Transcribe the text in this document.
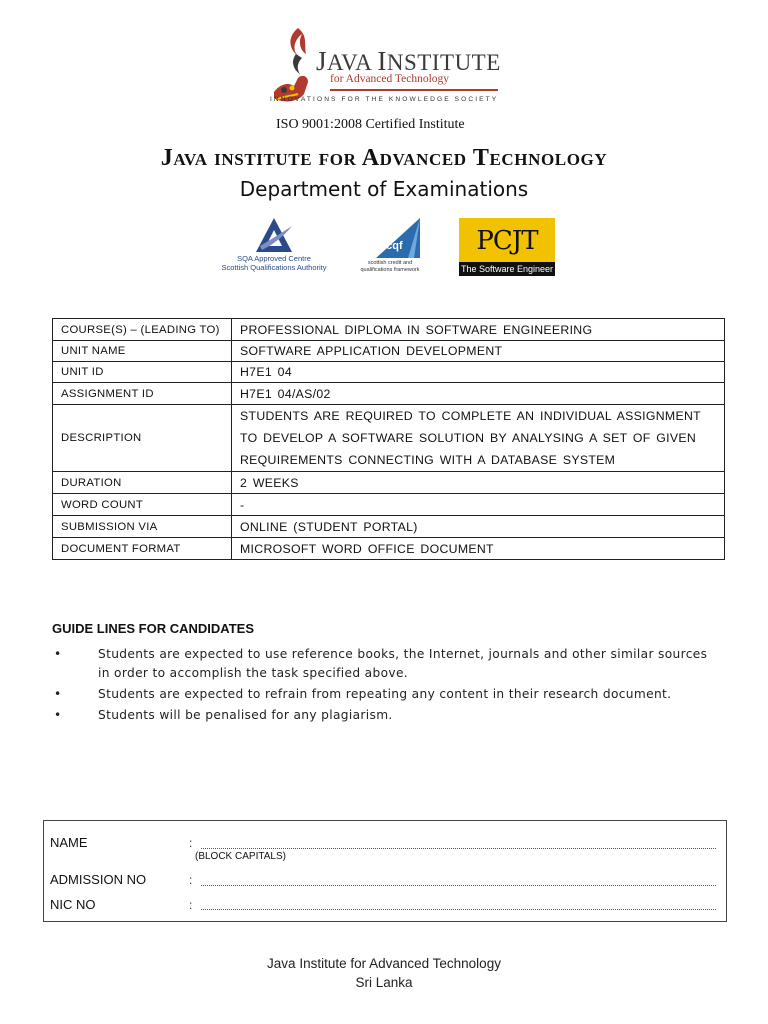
JAVA INSTITUTE
for Advanced Technology
INNOVATIONS FOR THE KNOWLEDGE SOCIETY
ISO 9001:2008 Certified Institute
Java institute for Advanced Technology
Department of Examinations
SQA Approved Centre
Scottish Qualifications Authority
scqf
scottish credit and
qualifications framework
PCJT
The Software Engineer
COURSE(S) – (LEADING TO)	PROFESSIONAL DIPLOMA IN SOFTWARE ENGINEERING
UNIT NAME	SOFTWARE APPLICATION DEVELOPMENT
UNIT ID	H7E1 04
ASSIGNMENT ID	H7E1 04/AS/02
DESCRIPTION	STUDENTS ARE REQUIRED TO COMPLETE AN INDIVIDUAL ASSIGNMENT TO DEVELOP A SOFTWARE SOLUTION BY ANALYSING A SET OF GIVEN REQUIREMENTS CONNECTING WITH A DATABASE SYSTEM
DURATION	2 WEEKS
WORD COUNT	-
SUBMISSION VIA	ONLINE (STUDENT PORTAL)
DOCUMENT FORMAT	MICROSOFT WORD OFFICE DOCUMENT
GUIDE LINES FOR CANDIDATES
•	Students are expected to use reference books, the Internet, journals and other similar sources in order to accomplish the task specified above.
•	Students are expected to refrain from repeating any content in their research document.
•	Students will be penalised for any plagiarism.
NAME	:
(BLOCK CAPITALS)
ADMISSION NO	:
NIC NO	:
Java Institute for Advanced Technology
Sri Lanka
